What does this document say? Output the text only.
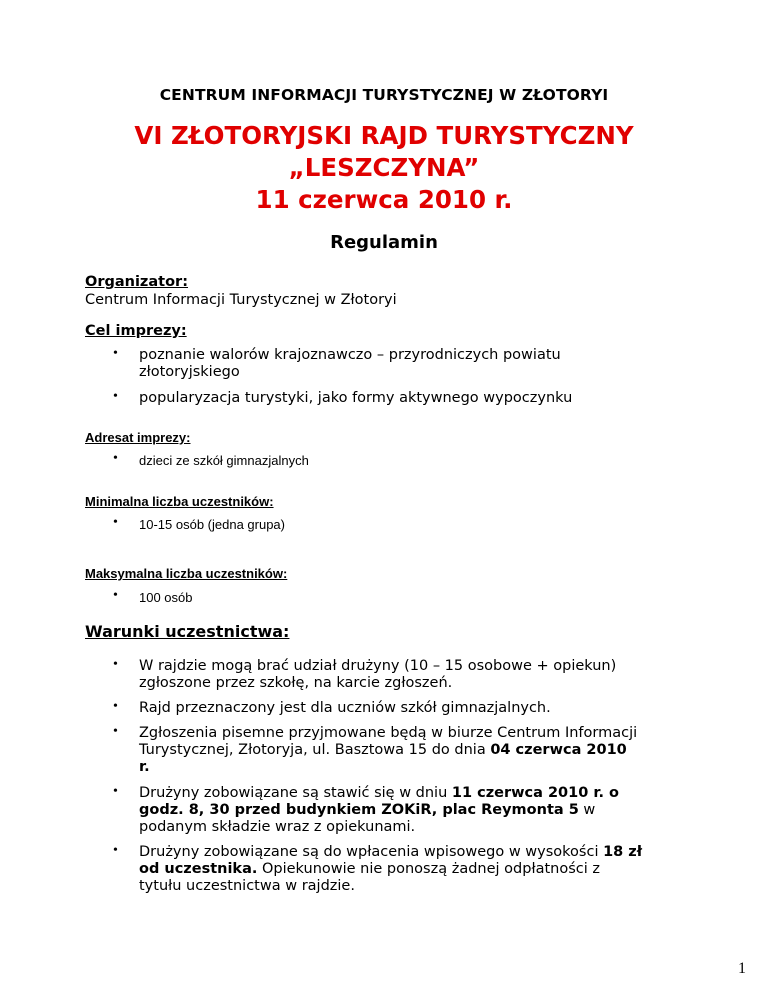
CENTRUM INFORMACJI TURYSTYCZNEJ W ZŁOTORYI
VI ZŁOTORYJSKI RAJD TURYSTYCZNY
„LESZCZYNA”
11 czerwca 2010 r.
Regulamin
Organizator:
Centrum Informacji Turystycznej w Złotoryi
Cel imprezy:
• poznanie walorów krajoznawczo – przyrodniczych powiatu
złotoryjskiego
• popularyzacja turystyki, jako formy aktywnego wypoczynku
Adresat imprezy:
• dzieci ze szkół gimnazjalnych
Minimalna liczba uczestników:
• 10-15 osób (jedna grupa)
Maksymalna liczba uczestników:
• 100 osób
Warunki uczestnictwa:
• W rajdzie mogą brać udział drużyny (10 – 15 osobowe + opiekun)
zgłoszone przez szkołę, na karcie zgłoszeń.
• Rajd przeznaczony jest dla uczniów szkół gimnazjalnych.
• Zgłoszenia pisemne przyjmowane będą w biurze Centrum Informacji
Turystycznej, Złotoryja, ul. Basztowa 15 do dnia 04 czerwca 2010
r.
• Drużyny zobowiązane są stawić się w dniu 11 czerwca 2010 r. o
godz. 8, 30 przed budynkiem ZOKiR, plac Reymonta 5 w
podanym składzie wraz z opiekunami.
• Drużyny zobowiązane są do wpłacenia wpisowego w wysokości 18 zł
od uczestnika. Opiekunowie nie ponoszą żadnej odpłatności z
tytułu uczestnictwa w rajdzie.
1
